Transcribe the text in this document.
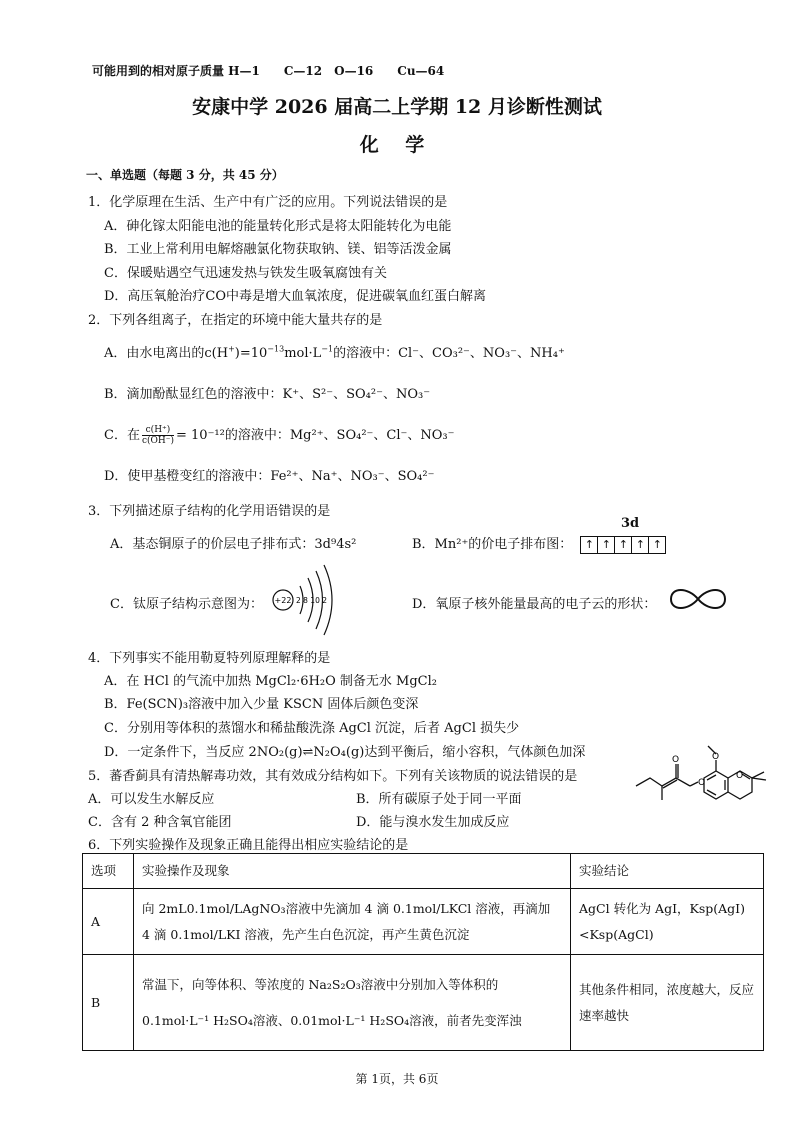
可能用到的相对原子质量 H—1　　C—12　O—16　　Cu—64
安康中学 2026 届高二上学期 12 月诊断性测试
化 学
一、单选题（每题 3 分，共 45 分）
1．化学原理在生活、生产中有广泛的应用。下列说法错误的是
A．砷化镓太阳能电池的能量转化形式是将太阳能转化为电能
B．工业上常利用电解熔融氯化物获取钠、镁、铝等活泼金属
C．保暖贴遇空气迅速发热与铁发生吸氧腐蚀有关
D．高压氧舱治疗CO中毒是增大血氧浓度，促进碳氧血红蛋白解离
2．下列各组离子，在指定的环境中能大量共存的是
A．由水电离出的$c(H^+)=10^{-13}mol\cdot L^{-1}$的溶液中：Cl⁻、CO₃²⁻、NO₃⁻、NH₄⁺
B．滴加酚酞显红色的溶液中：K⁺、S²⁻、SO₄²⁻、NO₃⁻
C．在 $\frac{c(H^+)}{c(OH^-)} = 10^{-12}$的溶液中：Mg²⁺、SO₄²⁻、Cl⁻、NO₃⁻
D．使甲基橙变红的溶液中：Fe²⁺、Na⁺、NO₃⁻、SO₄²⁻
3．下列描述原子结构的化学用语错误的是
A．基态铜原子的价层电子排布式：3d⁹4s²
3d
B．Mn²⁺的价电子排布图：	↑ ↑ ↑ ↑ ↑
C．钛原子结构示意图为： +22 2 8 10 2	D．氧原子核外能量最高的电子云的形状：
4．下列事实不能用勒夏特列原理解释的是
A．在 HCl 的气流中加热 MgCl₂·6H₂O 制备无水 MgCl₂
B．Fe(SCN)₃溶液中加入少量 KSCN 固体后颜色变深
C．分别用等体积的蒸馏水和稀盐酸洗涤 AgCl 沉淀，后者 AgCl 损失少
D．一定条件下，当反应 2NO₂(g)⇌N₂O₄(g)达到平衡后，缩小容积，气体颜色加深
5．蕃香蓟具有清热解毒功效，其有效成分结构如下。下列有关该物质的说法错误的是
A．可以发生水解反应	B．所有碳原子处于同一平面
C．含有 2 种含氧官能团	D．能与溴水发生加成反应
O
O
O
O
6．下列实验操作及现象正确且能得出相应实验结论的是
选项	实验操作及现象	实验结论
A	向 2mL0.1mol/LAgNO₃溶液中先滴加 4 滴 0.1mol/LKCl 溶液，再滴加 4 滴 0.1mol/LKI 溶液，先产生白色沉淀，再产生黄色沉淀	AgCl 转化为 AgI，Ksp(AgI)<Ksp(AgCl)
B	常温下，向等体积、等浓度的 Na₂S₂O₃溶液中分别加入等体积的 0.1mol·L⁻¹ H₂SO₄溶液、0.01mol·L⁻¹ H₂SO₄溶液，前者先变浑浊	其他条件相同，浓度越大，反应速率越快
第 1页，共 6页
